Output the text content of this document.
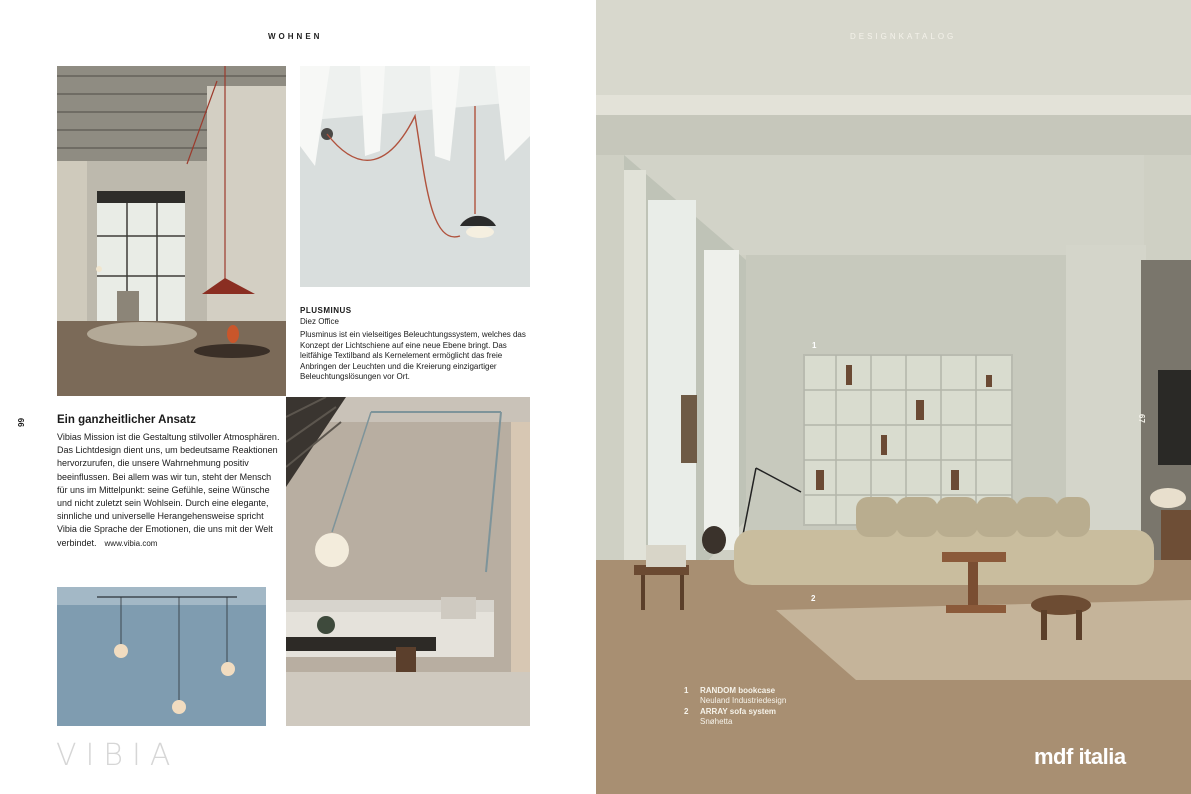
WOHNEN
PLUSMINUS
Diez Office
Plusminus ist ein vielseitiges Beleuchtungssystem, welches das Konzept der Lichtschiene auf eine neue Ebene bringt. Das leitfähige Textilband als Kernelement ermöglicht das freie Anbringen der Leuchten und die Kreierung einzigartiger Beleuchtungslösungen vor Ort.
66	Ein ganzheitlicher Ansatz

Vibias Mission ist die Gestaltung stilvoller Atmosphären. Das Lichtdesign dient uns, um bedeutsame Reaktionen hervorzurufen, die unsere Wahrnehmung positiv beeinflussen. Bei allem was wir tun, steht der Mensch für uns im Mittelpunkt: seine Gefühle, seine Wünsche und nicht zuletzt sein Wohlsein. Durch eine elegante, sinnliche und universelle Herangehensweise spricht Vibia die Sprache der Emotionen, die uns mit der Welt verbindet. www.vibia.com

VIBIA
DESIGNKATALOG
67
1
2
1	RANDOM bookcase
Neuland Industriedesign
2	ARRAY sofa system
Snøhetta
mdf italia
